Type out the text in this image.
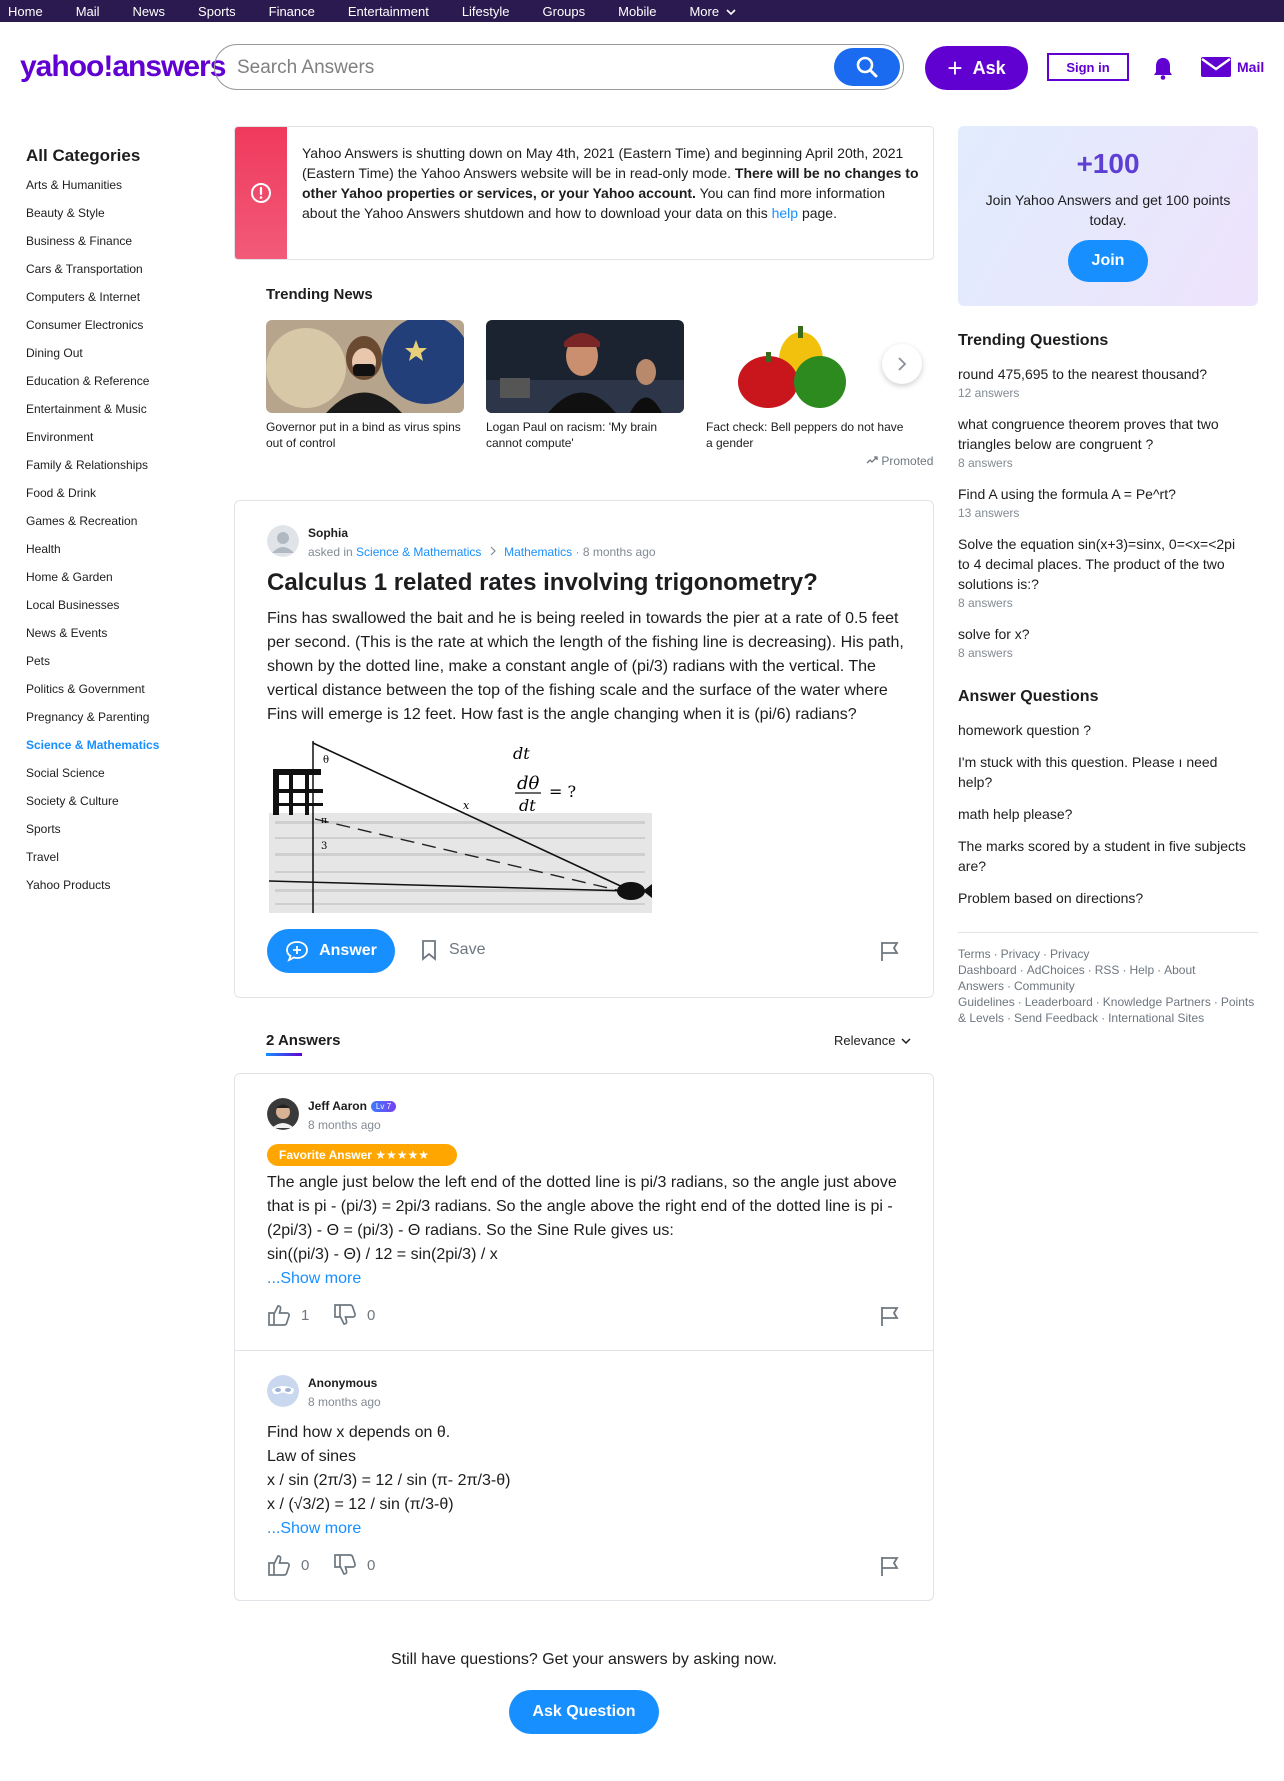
Home	Mail	News	Sports	Finance	Entertainment	Lifestyle	Groups	Mobile	More
yahoo!answers
Search Answers	+ Ask	Sign in	Mail
All Categories
Arts & Humanities
Beauty & Style
Business & Finance
Cars & Transportation
Computers & Internet
Consumer Electronics
Dining Out
Education & Reference
Entertainment & Music
Environment
Family & Relationships
Food & Drink
Games & Recreation
Health
Home & Garden
Local Businesses
News & Events
Pets
Politics & Government
Pregnancy & Parenting
Science & Mathematics
Social Science
Society & Culture
Sports
Travel
Yahoo Products
Yahoo Answers is shutting down on May 4th, 2021 (Eastern Time) and beginning April 20th, 2021 (Eastern Time) the Yahoo Answers website will be in read-only mode. There will be no changes to other Yahoo properties or services, or your Yahoo account. You can find more information about the Yahoo Answers shutdown and how to download your data on this help page.
Trending News
Governor put in a bind as virus spins out of control
Logan Paul on racism: 'My brain cannot compute'
Fact check: Bell peppers do not have a gender
Promoted
Sophia
asked in Science & Mathematics Mathematics · 8 months ago
Calculus 1 related rates involving trigonometry?
Fins has swallowed the bait and he is being reeled in towards the pier at a rate of 0.5 feet per second. (This is the rate at which the length of the fishing line is decreasing). His path, shown by the dotted line, make a constant angle of (pi/3) radians with the vertical. The vertical distance between the top of the fishing scale and the surface of the water where Fins will emerge is 12 feet. How fast is the angle changing when it is (pi/6) radians?
θ
3
π
x
dt
dθ
dt
= ?
Answer	Save
2 Answers	Relevance
Jeff Aaron Lv 7
8 months ago
Favorite Answer ★★★★★
The angle just below the left end of the dotted line is pi/3 radians, so the angle just above that is pi - (pi/3) = 2pi/3 radians. So the angle above the right end of the dotted line is pi - (2pi/3) - Θ = (pi/3) - Θ radians. So the Sine Rule gives us:
sin((pi/3) - Θ) / 12 = sin(2pi/3) / x
...Show more
1	0
Anonymous
8 months ago
Find how x depends on θ.
Law of sines
x / sin (2π/3) = 12 / sin (π- 2π/3-θ)
x / (√3/2) = 12 / sin (π/3-θ)
...Show more
0	0
Still have questions? Get your answers by asking now.
Ask Question
+100
Join Yahoo Answers and get 100 points today.
Join
Trending Questions
round 475,695 to the nearest thousand?
12 answers
what congruence theorem proves that two triangles below are congruent ?
8 answers
Find A using the formula A = Pe^rt?
13 answers
Solve the equation sin(x+3)=sinx, 0=<x=<2pi to 4 decimal places. The product of the two solutions is:?
8 answers
solve for x?
8 answers
Answer Questions
homework question ?
I'm stuck with this question. Please ı need help?
math help please?
The marks scored by a student in five subjects are?
Problem based on directions?
Terms · Privacy · Privacy Dashboard · AdChoices · RSS · Help · About Answers · Community Guidelines · Leaderboard · Knowledge Partners · Points & Levels · Send Feedback · International Sites
